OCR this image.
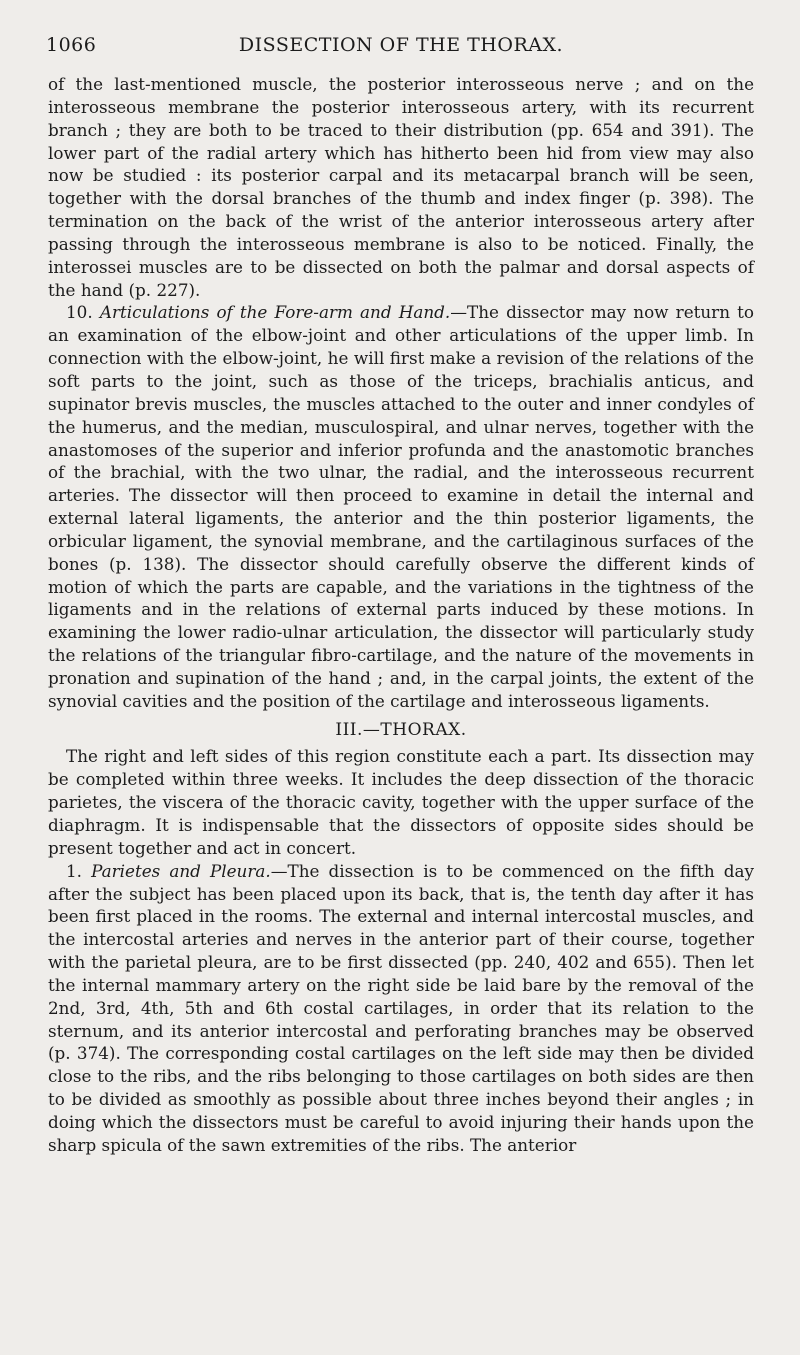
1066	DISSECTION OF THE THORAX.

of the last-mentioned muscle, the posterior interosseous nerve ; and on the interosseous membrane the posterior interosseous artery, with its recurrent branch ; they are both to be traced to their distribution (pp. 654 and 391). The lower part of the radial artery which has hitherto been hid from view may also now be studied : its posterior carpal and its metacarpal branch will be seen, together with the dorsal branches of the thumb and index finger (p. 398). The termination on the back of the wrist of the anterior interosseous artery after passing through the interosseous membrane is also to be noticed. Finally, the interossei muscles are to be dissected on both the palmar and dorsal aspects of the hand (p. 227).

10. Articulations of the Fore-arm and Hand.—The dissector may now return to an examination of the elbow-joint and other articulations of the upper limb. In connection with the elbow-joint, he will first make a revision of the relations of the soft parts to the joint, such as those of the triceps, brachialis anticus, and supinator brevis muscles, the muscles attached to the outer and inner condyles of the humerus, and the median, musculospiral, and ulnar nerves, together with the anastomoses of the superior and inferior profunda and the anastomotic branches of the brachial, with the two ulnar, the radial, and the interosseous recurrent arteries. The dissector will then proceed to examine in detail the internal and external lateral ligaments, the anterior and the thin posterior ligaments, the orbicular ligament, the synovial membrane, and the cartilaginous surfaces of the bones (p. 138). The dissector should carefully observe the different kinds of motion of which the parts are capable, and the variations in the tightness of the ligaments and in the relations of external parts induced by these motions. In examining the lower radio-ulnar articulation, the dissector will particularly study the relations of the triangular fibro-cartilage, and the nature of the movements in pronation and supination of the hand ; and, in the carpal joints, the extent of the synovial cavities and the position of the cartilage and interosseous ligaments.

III.—THORAX.

The right and left sides of this region constitute each a part. Its dissection may be completed within three weeks. It includes the deep dissection of the thoracic parietes, the viscera of the thoracic cavity, together with the upper surface of the diaphragm. It is indispensable that the dissectors of opposite sides should be present together and act in concert.

1. Parietes and Pleura.—The dissection is to be commenced on the fifth day after the subject has been placed upon its back, that is, the tenth day after it has been first placed in the rooms. The external and internal intercostal muscles, and the intercostal arteries and nerves in the anterior part of their course, together with the parietal pleura, are to be first dissected (pp. 240, 402 and 655). Then let the internal mammary artery on the right side be laid bare by the removal of the 2nd, 3rd, 4th, 5th and 6th costal cartilages, in order that its relation to the sternum, and its anterior intercostal and perforating branches may be observed (p. 374). The corresponding costal cartilages on the left side may then be divided close to the ribs, and the ribs belonging to those cartilages on both sides are then to be divided as smoothly as possible about three inches beyond their angles ; in doing which the dissectors must be careful to avoid injuring their hands upon the sharp spicula of the sawn extremities of the ribs. The anterior
